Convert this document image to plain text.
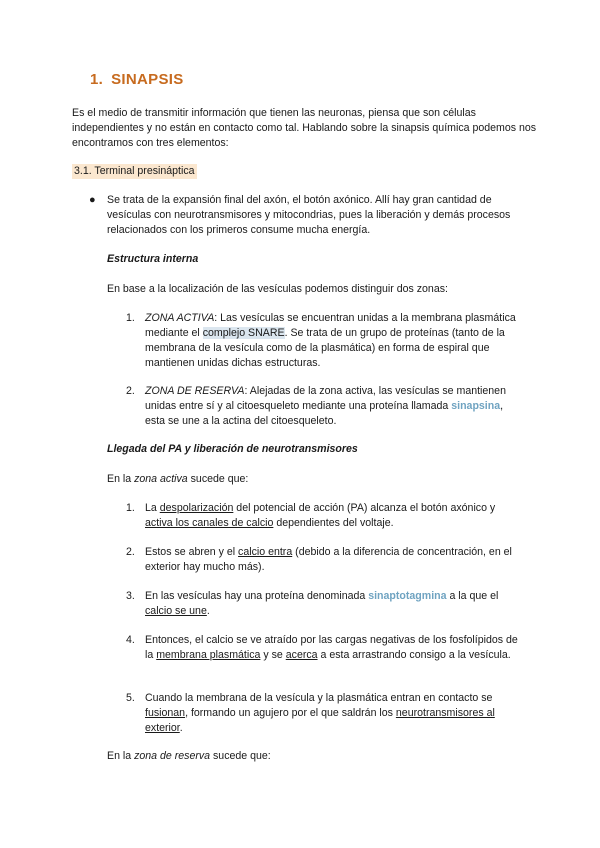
1. SINAPSIS

Es el medio de transmitir información que tienen las neuronas, piensa que son células independientes y no están en contacto como tal. Hablando sobre la sinapsis química podemos nos encontramos con tres elementos:

3.1. Terminal presináptica

● Se trata de la expansión final del axón, el botón axónico. Allí hay gran cantidad de vesículas con neurotransmisores y mitocondrias, pues la liberación y demás procesos relacionados con los primeros consume mucha energía.

Estructura interna

En base a la localización de las vesículas podemos distinguir dos zonas:

1. ZONA ACTIVA: Las vesículas se encuentran unidas a la membrana plasmática mediante el complejo SNARE. Se trata de un grupo de proteínas (tanto de la membrana de la vesícula como de la plasmática) en forma de espiral que mantienen unidas dichas estructuras.

2. ZONA DE RESERVA: Alejadas de la zona activa, las vesículas se mantienen unidas entre sí y al citoesqueleto mediante una proteína llamada sinapsina, esta se une a la actina del citoesqueleto.

Llegada del PA y liberación de neurotransmisores

En la zona activa sucede que:

1. La despolarización del potencial de acción (PA) alcanza el botón axónico y activa los canales de calcio dependientes del voltaje.

2. Estos se abren y el calcio entra (debido a la diferencia de concentración, en el exterior hay mucho más).

3. En las vesículas hay una proteína denominada sinaptotagmina a la que el calcio se une.

4. Entonces, el calcio se ve atraído por las cargas negativas de los fosfolípidos de la membrana plasmática y se acerca a esta arrastrando consigo a la vesícula.

5. Cuando la membrana de la vesícula y la plasmática entran en contacto se fusionan, formando un agujero por el que saldrán los neurotransmisores al exterior.

En la zona de reserva sucede que:
